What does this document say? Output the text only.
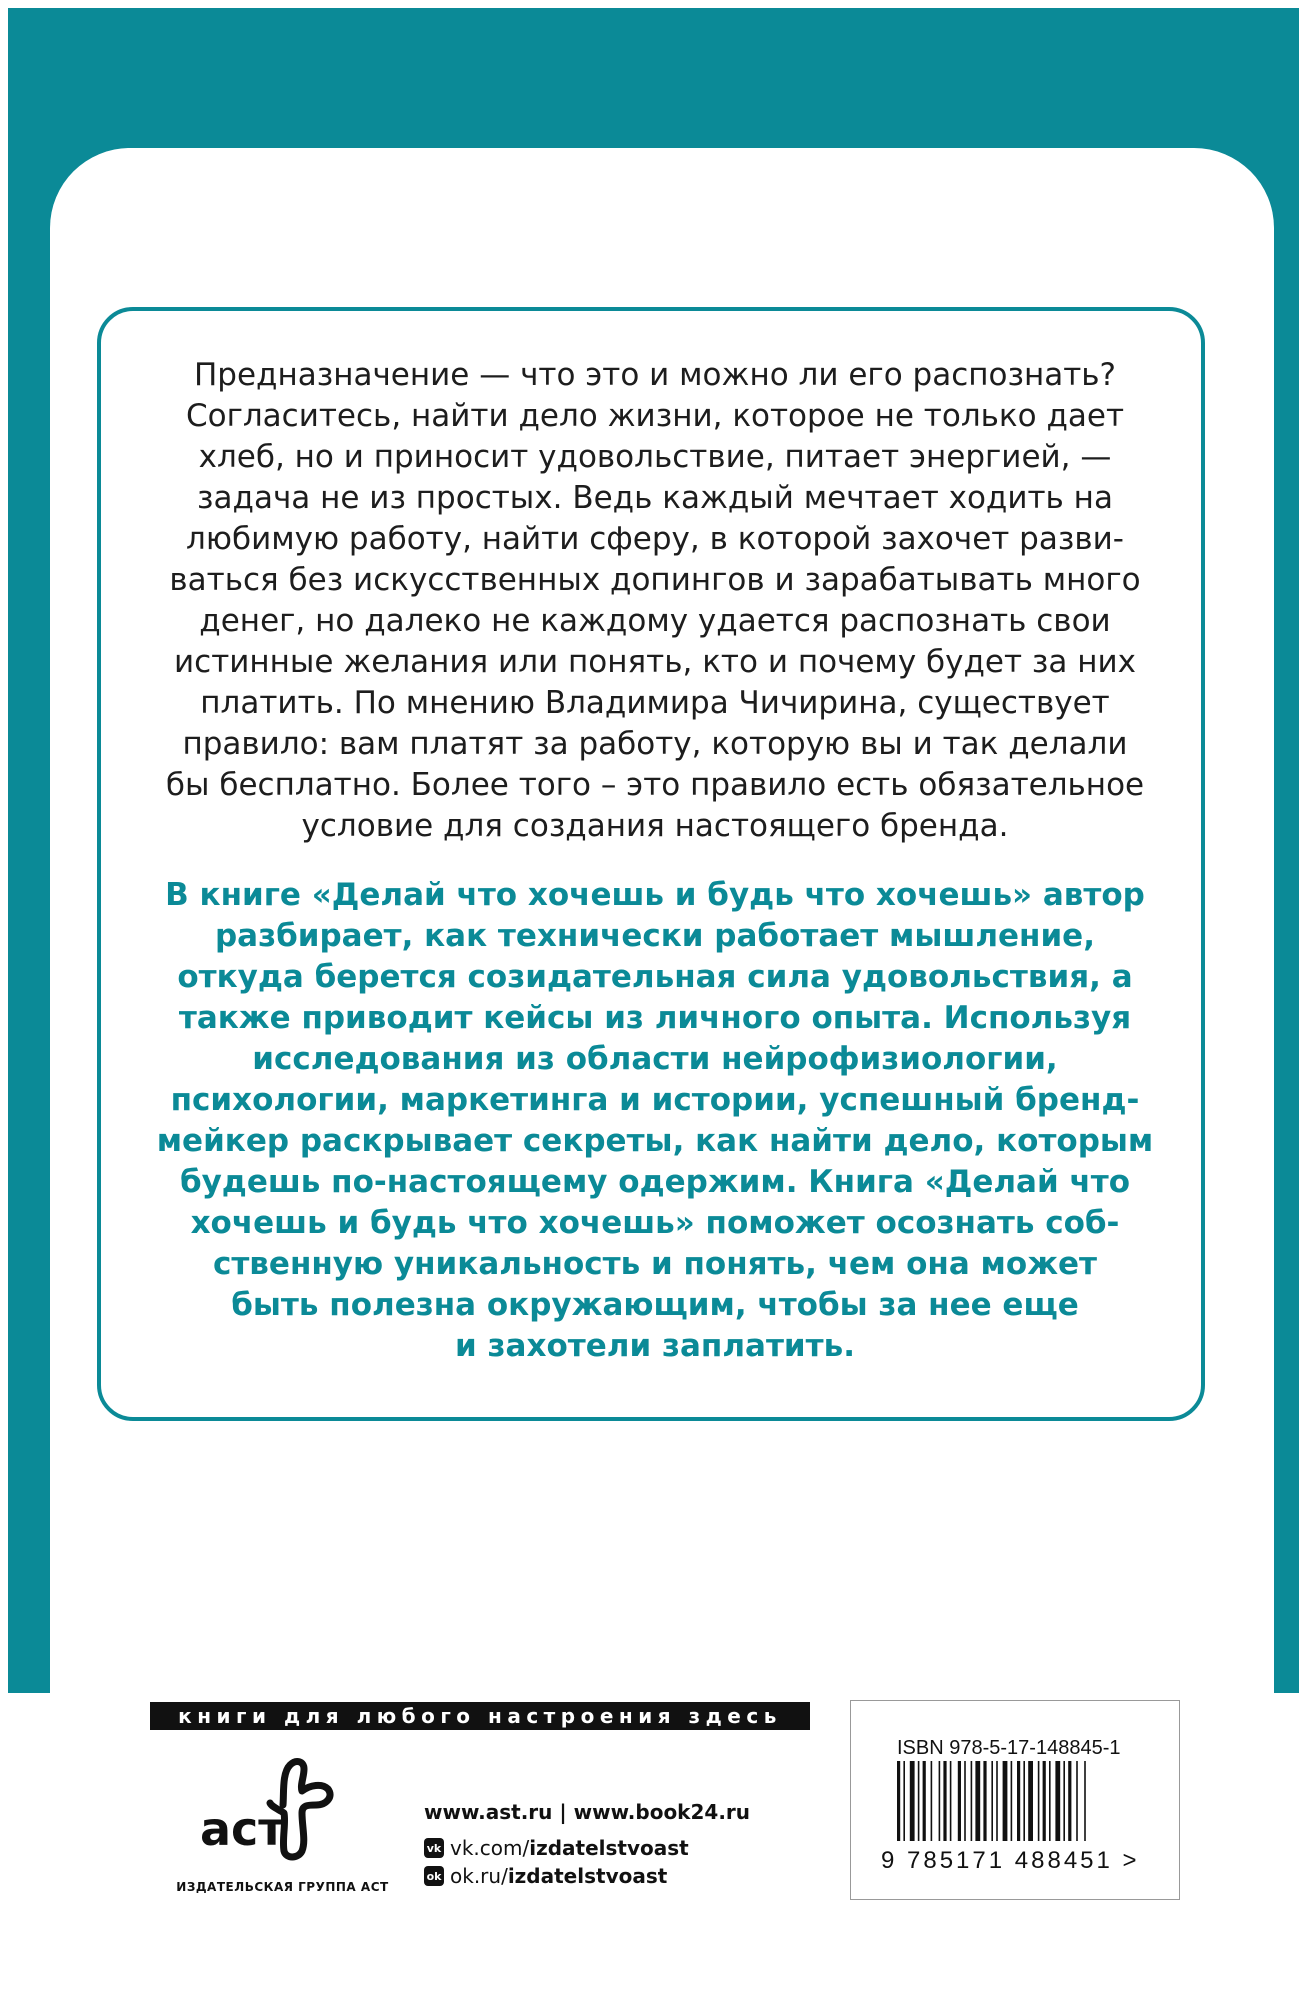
Предназначение — что это и можно ли его распознать?
Согласитесь, найти дело жизни, которое не только дает
хлеб, но и приносит удовольствие, питает энергией, —
задача не из простых. Ведь каждый мечтает ходить на
любимую работу, найти сферу, в которой захочет разви-
ваться без искусственных допингов и зарабатывать много
денег, но далеко не каждому удается распознать свои
истинные желания или понять, кто и почему будет за них
платить. По мнению Владимира Чичирина, существует
правило: вам платят за работу, которую вы и так делали
бы бесплатно. Более того – это правило есть обязательное
условие для создания настоящего бренда.

В книге «Делай что хочешь и будь что хочешь» автор
разбирает, как технически работает мышление,
откуда берется созидательная сила удовольствия, а
также приводит кейсы из личного опыта. Используя
исследования из области нейрофизиологии,
психологии, маркетинга и истории, успешный бренд-
мейкер раскрывает секреты, как найти дело, которым
будешь по-настоящему одержим. Книга «Делай что
хочешь и будь что хочешь» поможет осознать соб-
ственную уникальность и понять, чем она может
быть полезна окружающим, чтобы за нее еще
и захотели заплатить.

книги для любого настроения здесь
аст
ИЗДАТЕЛЬСКАЯ ГРУППА АСТ
www.ast.ru | www.book24.ru
vk vk.com/ izdatelstvoast
ok ok.ru/ izdatelstvoast
ISBN 978-5-17-148845-1
9 785171 488451 >
